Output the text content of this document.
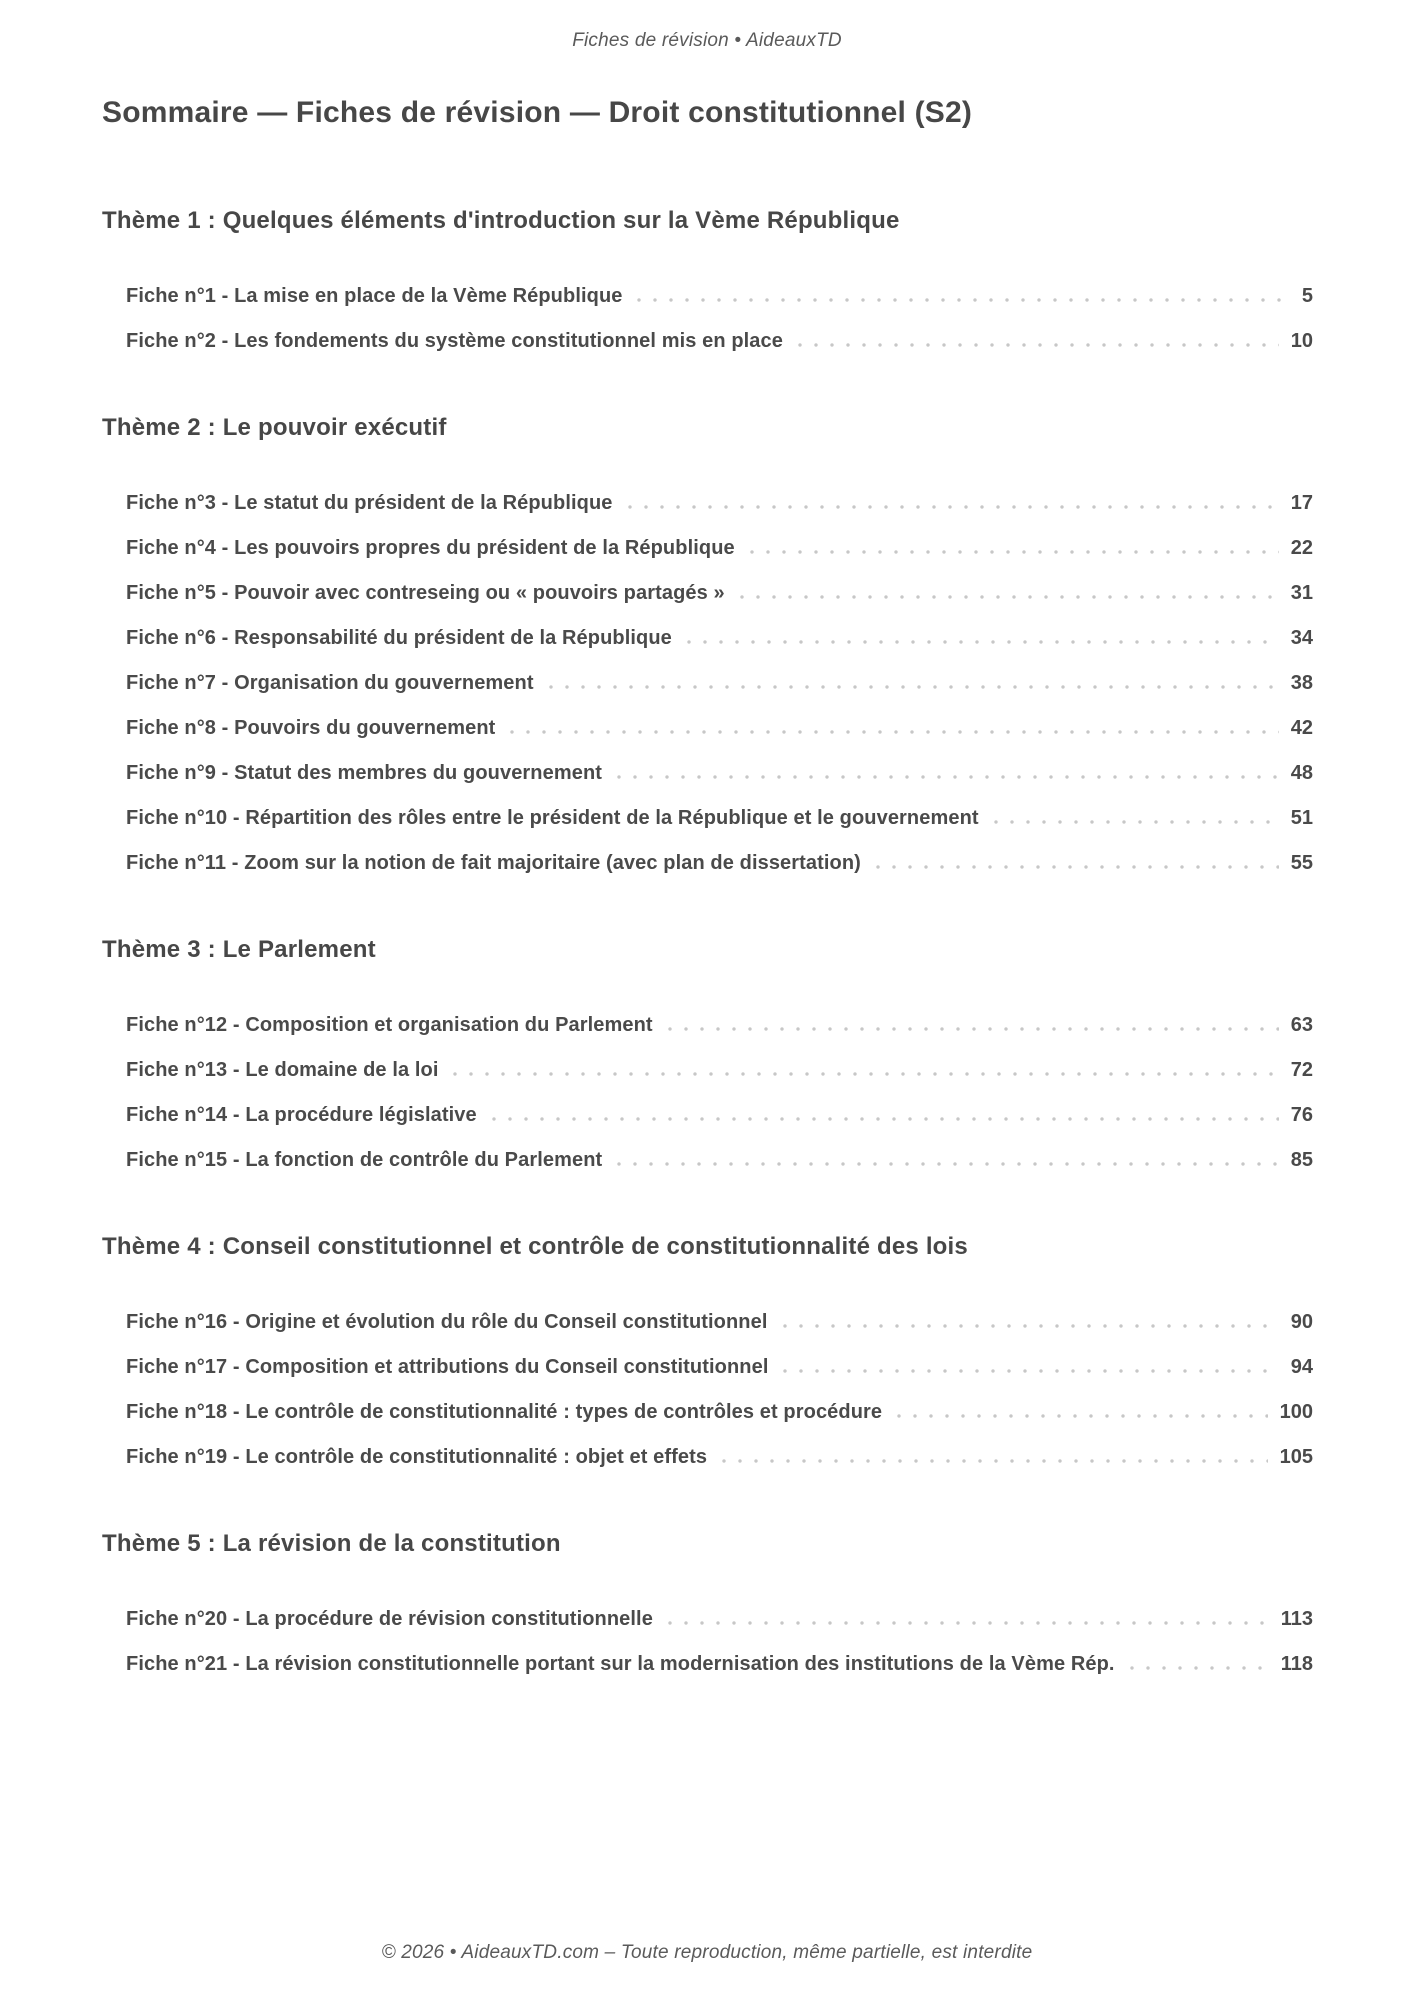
Fiches de révision • AideauxTD
Sommaire — Fiches de révision — Droit constitutionnel (S2)
Thème 1 : Quelques éléments d'introduction sur la Vème République
Fiche n°1 - La mise en place de la Vème République	5
Fiche n°2 - Les fondements du système constitutionnel mis en place	10
Thème 2 : Le pouvoir exécutif
Fiche n°3 - Le statut du président de la République	17
Fiche n°4 - Les pouvoirs propres du président de la République	22
Fiche n°5 - Pouvoir avec contreseing ou « pouvoirs partagés »	31
Fiche n°6 - Responsabilité du président de la République	34
Fiche n°7 - Organisation du gouvernement	38
Fiche n°8 - Pouvoirs du gouvernement	42
Fiche n°9 - Statut des membres du gouvernement	48
Fiche n°10 - Répartition des rôles entre le président de la République et le gouvernement	51
Fiche n°11 - Zoom sur la notion de fait majoritaire (avec plan de dissertation)	55
Thème 3 : Le Parlement
Fiche n°12 - Composition et organisation du Parlement	63
Fiche n°13 - Le domaine de la loi	72
Fiche n°14 - La procédure législative	76
Fiche n°15 - La fonction de contrôle du Parlement	85
Thème 4 : Conseil constitutionnel et contrôle de constitutionnalité des lois
Fiche n°16 - Origine et évolution du rôle du Conseil constitutionnel	90
Fiche n°17 - Composition et attributions du Conseil constitutionnel	94
Fiche n°18 - Le contrôle de constitutionnalité : types de contrôles et procédure	100
Fiche n°19 - Le contrôle de constitutionnalité : objet et effets	105
Thème 5 : La révision de la constitution
Fiche n°20 - La procédure de révision constitutionnelle	113
Fiche n°21 - La révision constitutionnelle portant sur la modernisation des institutions de la Vème Rép.	118
© 2026 • AideauxTD.com – Toute reproduction, même partielle, est interdite
